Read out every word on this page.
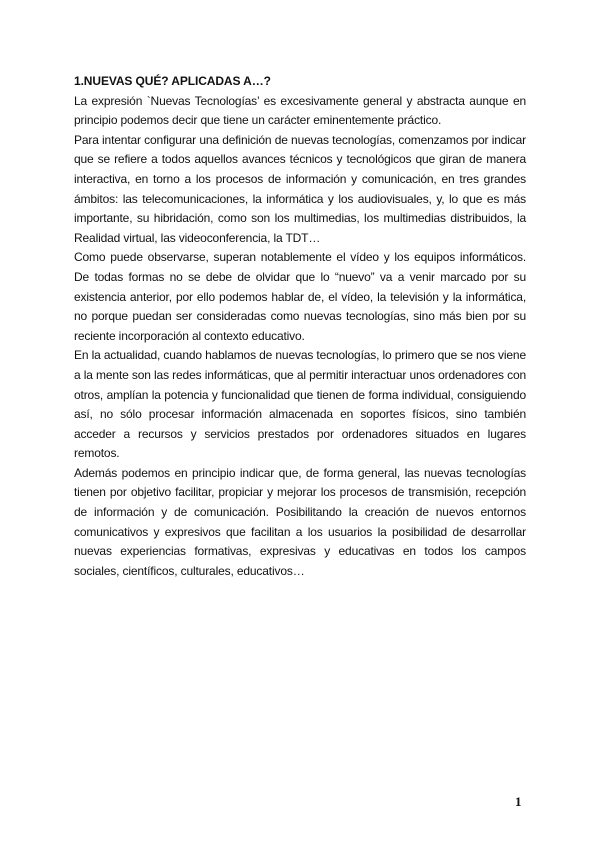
1.NUEVAS QUÉ? APLICADAS A…?

La expresión `Nuevas Tecnologías’ es excesivamente general y abstracta aunque en principio podemos decir que tiene un carácter eminentemente práctico.

Para intentar configurar una definición de nuevas tecnologías, comenzamos por indicar que se refiere a todos aquellos avances técnicos y tecnológicos que giran de manera interactiva, en torno a los procesos de información y comunicación, en tres grandes ámbitos: las telecomunicaciones, la informática y los audiovisuales, y, lo que es más importante, su hibridación, como son los multimedias, los multimedias distribuidos, la Realidad virtual, las videoconferencia, la TDT…

Como puede observarse, superan notablemente el vídeo y los equipos informáticos. De todas formas no se debe de olvidar que lo “nuevo” va a venir marcado por su existencia anterior, por ello podemos hablar de, el vídeo, la televisión y la informática, no porque puedan ser consideradas como nuevas tecnologías, sino más bien por su reciente incorporación al contexto educativo.

En la actualidad, cuando hablamos de nuevas tecnologías, lo primero que se nos viene a la mente son las redes informáticas, que al permitir interactuar unos ordenadores con otros, amplían la potencia y funcionalidad que tienen de forma individual, consiguiendo así, no sólo procesar información almacenada en soportes físicos, sino también acceder a recursos y servicios prestados por ordenadores situados en lugares remotos.

Además podemos en principio indicar que, de forma general, las nuevas tecnologías tienen por objetivo facilitar, propiciar y mejorar los procesos de transmisión, recepción de información y de comunicación. Posibilitando la creación de nuevos entornos comunicativos y expresivos que facilitan a los usuarios la posibilidad de desarrollar nuevas experiencias formativas, expresivas y educativas en todos los campos sociales, científicos, culturales, educativos…

1
